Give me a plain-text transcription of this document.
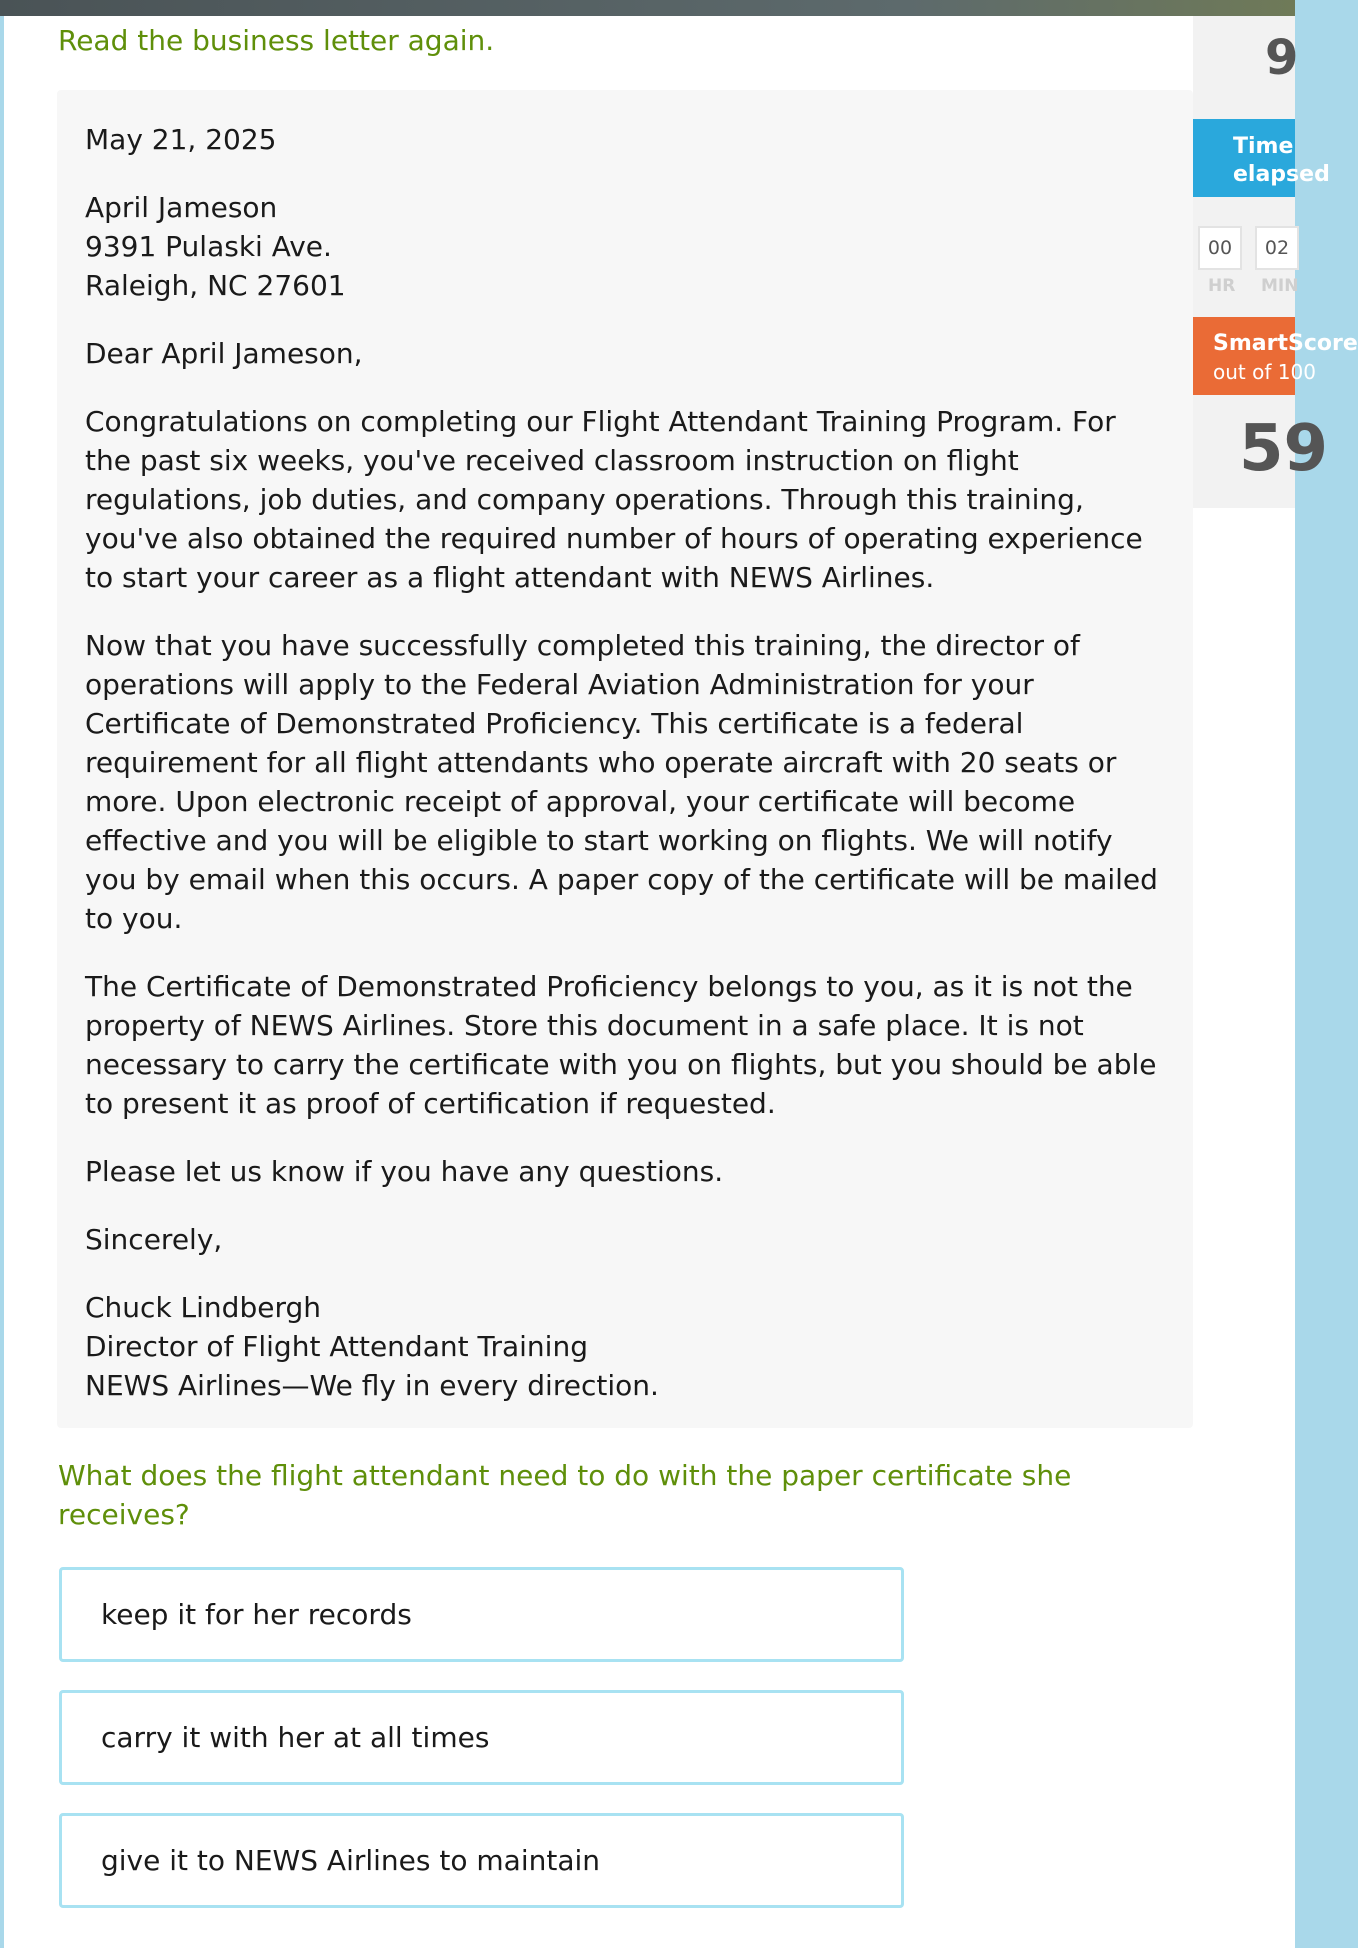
Read the business letter again.

May 21, 2025

April Jameson
9391 Pulaski Ave.
Raleigh, NC 27601

Dear April Jameson,

Congratulations on completing our Flight Attendant Training Program. For the past six weeks, you've received classroom instruction on flight regulations, job duties, and company operations. Through this training, you've also obtained the required number of hours of operating experience to start your career as a flight attendant with NEWS Airlines.

Now that you have successfully completed this training, the director of operations will apply to the Federal Aviation Administration for your Certificate of Demonstrated Proficiency. This certificate is a federal requirement for all flight attendants who operate aircraft with 20 seats or more. Upon electronic receipt of approval, your certificate will become effective and you will be eligible to start working on flights. We will notify you by email when this occurs. A paper copy of the certificate will be mailed to you.

The Certificate of Demonstrated Proficiency belongs to you, as it is not the property of NEWS Airlines. Store this document in a safe place. It is not necessary to carry the certificate with you on flights, but you should be able to present it as proof of certification if requested.

Please let us know if you have any questions.

Sincerely,

Chuck Lindbergh
Director of Flight Attendant Training
NEWS Airlines—We fly in every direction.

What does the flight attendant need to do with the paper certificate she receives?

keep it for her records
carry it with her at all times
give it to NEWS Airlines to maintain
9
Time
elapsed
00	02
HR MIN
SmartScore
out of 100
59
